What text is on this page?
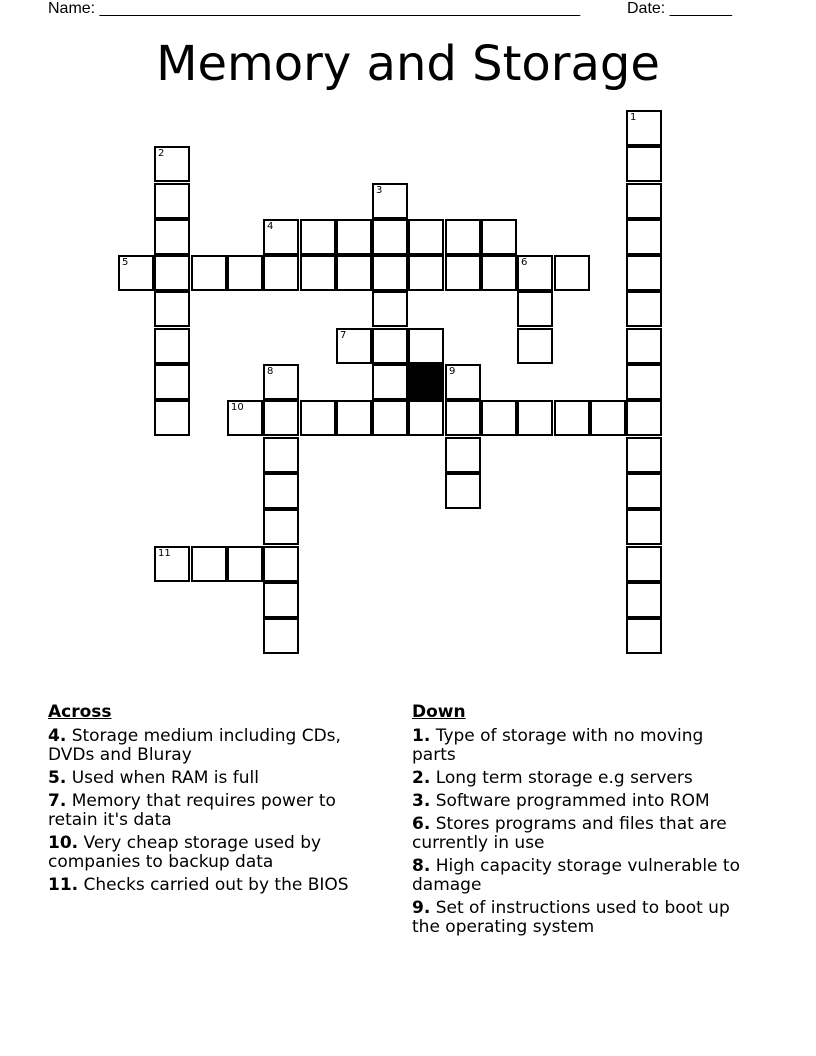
Name: ______________________________________________________	Date: _______
Memory and Storage
1
2
3
4
5	6
7
8	9
10
11
Across
4. Storage medium including CDs, DVDs and Bluray
5. Used when RAM is full
7. Memory that requires power to retain it's data
10. Very cheap storage used by companies to backup data
11. Checks carried out by the BIOS
Down
1. Type of storage with no moving parts
2. Long term storage e.g servers
3. Software programmed into ROM
6. Stores programs and files that are currently in use
8. High capacity storage vulnerable to damage
9. Set of instructions used to boot up the operating system
